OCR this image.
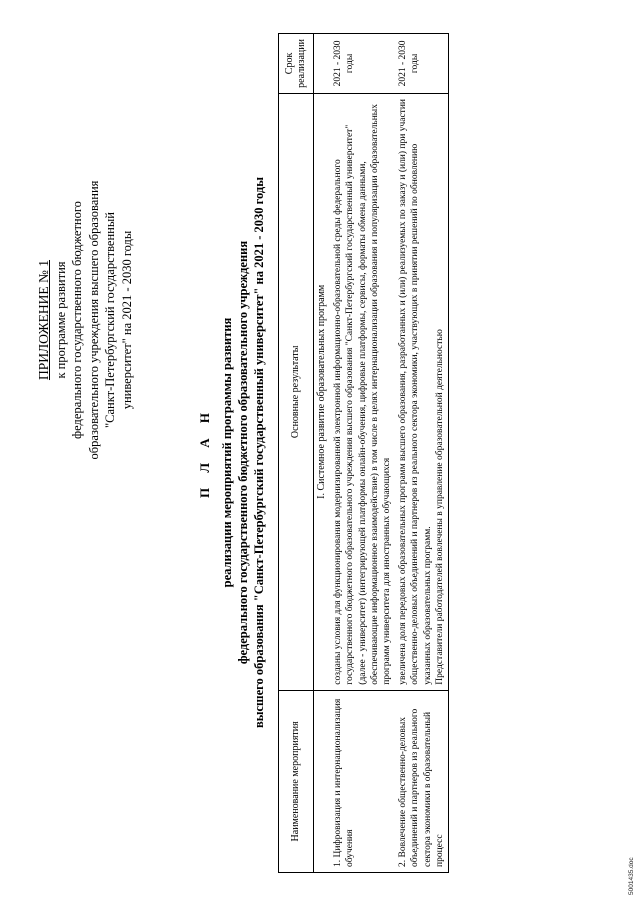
ПРИЛОЖЕНИЕ № 1 к программе развития федерального государственного бюджетного образовательного учреждения высшего образования "Санкт-Петербургский государственный университет" на 2021 - 2030 годы
П Л А Н реализации мероприятий программы развития федерального государственного бюджетного образовательного учреждения высшего образования "Санкт-Петербургский государственный университет" на 2021 - 2030 годы
Наименование мероприятия	Основные результаты	Срок реализации
	I. Системное развитие образовательных программ	
1. Цифровизация и интернационализация обучения	созданы условия для функционирования модернизированной электронной информационно-образовательной среды федерального государственного бюджетного образовательного учреждения высшего образования "Санкт-Петербургский государственный университет" (далее - университет) (интегрирующей платформы онлайн-обучения, цифровые платформы, сервисы, форматы обмена данными, обеспечивающие информационное взаимодействие) в том числе в целях интернационализации образования и популяризации образовательных программ университета для иностранных обучающихся	2021 - 2030 годы
2. Вовлечение общественно-деловых объединений и партнеров из реального сектора экономики в образовательный процесс	увеличена доля передовых образовательных программ высшего образования, разработанных и (или) реализуемых по заказу и (или) при участии общественно-деловых объединений и партнеров из реального сектора экономики, участвующих в принятии решений по обновлению указанных образовательных программ. Представители работодателей вовлечены в управление образовательной деятельностью	2021 - 2030 годы
5001435.doc
